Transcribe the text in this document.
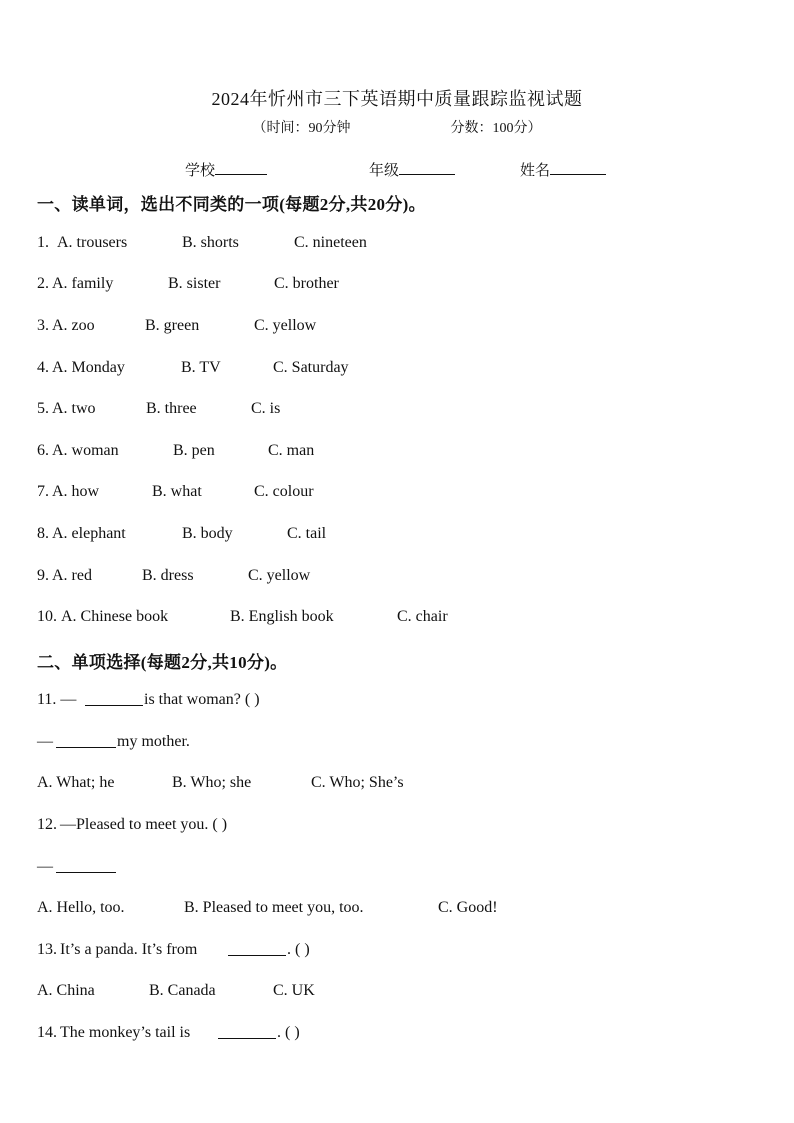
2024年忻州市三下英语期中质量跟踪监视试题
（时间：90分钟	分数：100分）
学校	年级	姓名
一、读单词，选出不同类的一项(每题2分,共20分)。
1. A. trousers	B. shorts	C. nineteen
2. A. family	B. sister	C. brother
3. A. zoo	B. green	C. yellow
4. A. Monday	B. TV	C. Saturday
5. A. two	B. three	C. is
6. A. woman	B. pen	C. man
7. A. how	B. what	C. colour
8. A. elephant	B. body	C. tail
9. A. red	B. dress	C. yellow
10. A. Chinese book	B. English book	C. chair
二、单项选择(每题2分,共10分)。
11. —	is that woman? ( )
—	my mother.
A. What; he	B. Who; she	C. Who; She’s
12. —Pleased to meet you. ( )
—
A. Hello, too.	B. Pleased to meet you, too.	C. Good!
13. It’s a panda. It’s from	. ( )
A. China	B. Canada	C. UK
14. The monkey’s tail is	. ( )
